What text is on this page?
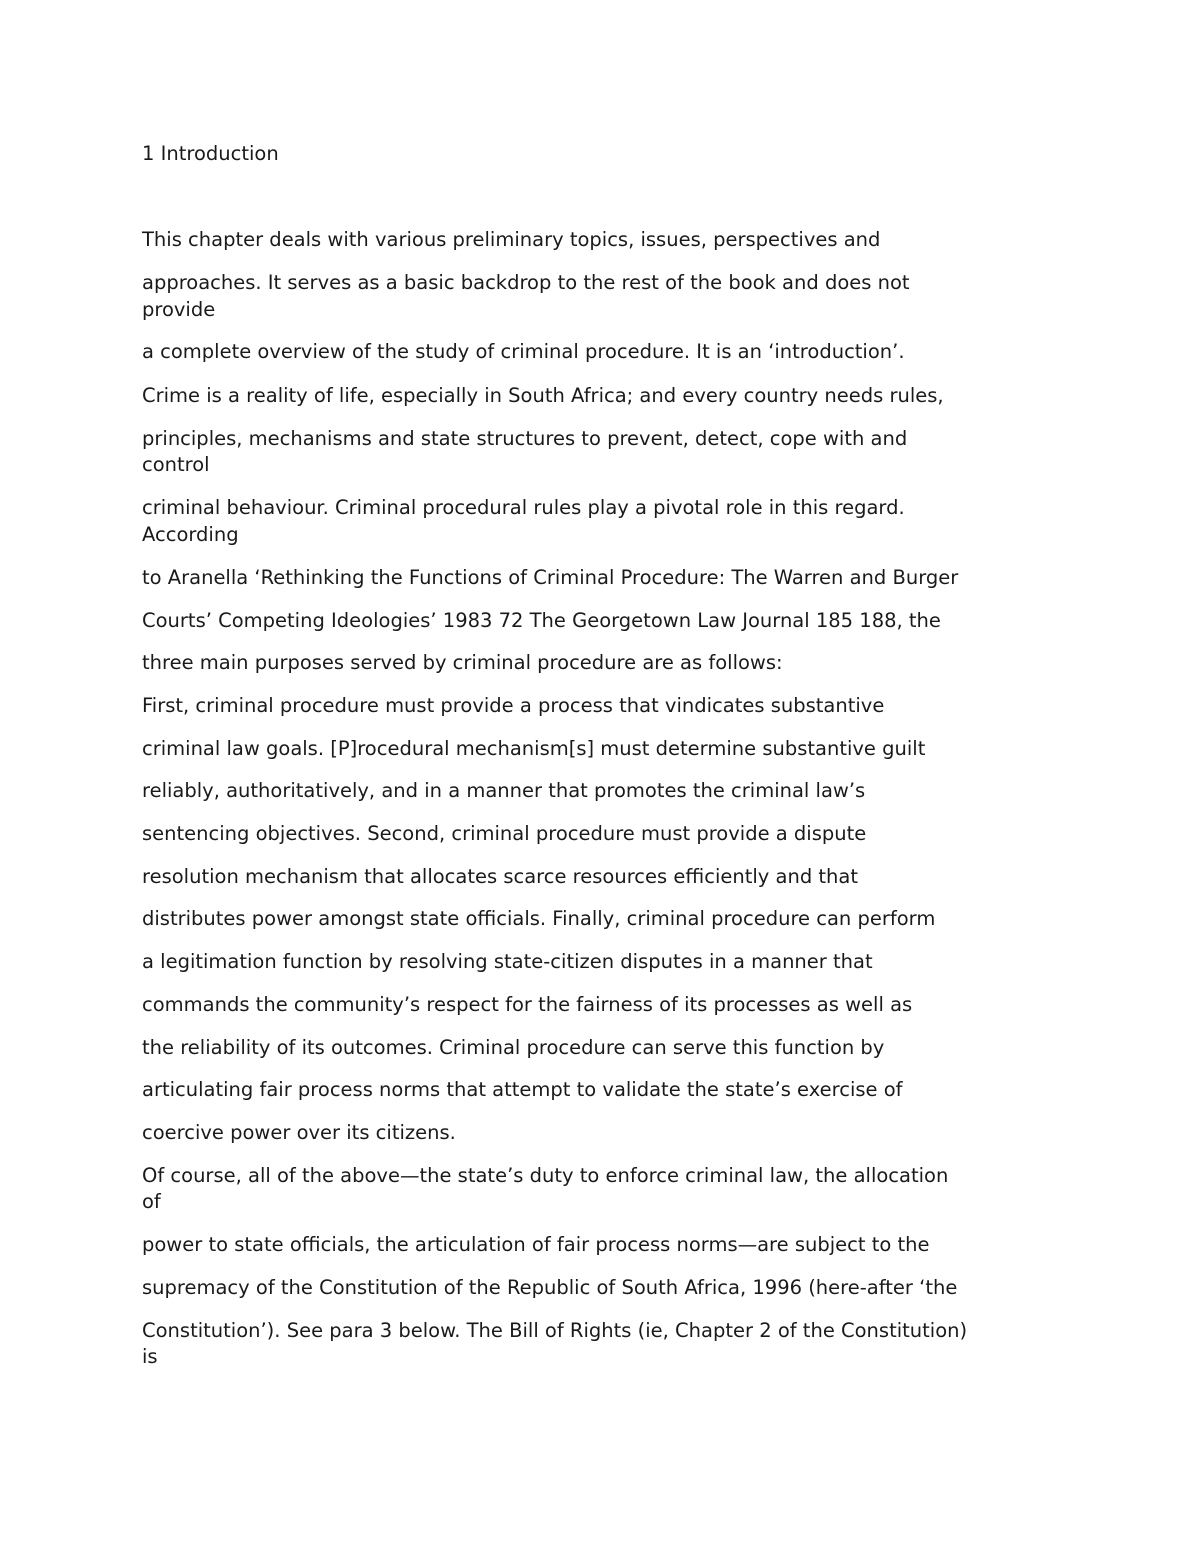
1 Introduction
This chapter deals with various preliminary topics, issues, perspectives and
approaches. It serves as a basic backdrop to the rest of the book and does not
provide
a complete overview of the study of criminal procedure. It is an ‘introduction’.
Crime is a reality of life, especially in South Africa; and every country needs rules,
principles, mechanisms and state structures to prevent, detect, cope with and
control
criminal behaviour. Criminal procedural rules play a pivotal role in this regard.
According
to Aranella ‘Rethinking the Functions of Criminal Procedure: The Warren and Burger
Courts’ Competing Ideologies’ 1983 72 The Georgetown Law Journal 185 188, the
three main purposes served by criminal procedure are as follows:
First, criminal procedure must provide a process that vindicates substantive
criminal law goals. [P]rocedural mechanism[s] must determine substantive guilt
reliably, authoritatively, and in a manner that promotes the criminal law’s
sentencing objectives. Second, criminal procedure must provide a dispute
resolution mechanism that allocates scarce resources efficiently and that
distributes power amongst state officials. Finally, criminal procedure can perform
a legitimation function by resolving state-citizen disputes in a manner that
commands the community’s respect for the fairness of its processes as well as
the reliability of its outcomes. Criminal procedure can serve this function by
articulating fair process norms that attempt to validate the state’s exercise of
coercive power over its citizens.
Of course, all of the above—the state’s duty to enforce criminal law, the allocation
of
power to state officials, the articulation of fair process norms—are subject to the
supremacy of the Constitution of the Republic of South Africa, 1996 (here-after ‘the
Constitution’). See para 3 below. The Bill of Rights (ie, Chapter 2 of the Constitution)
is
